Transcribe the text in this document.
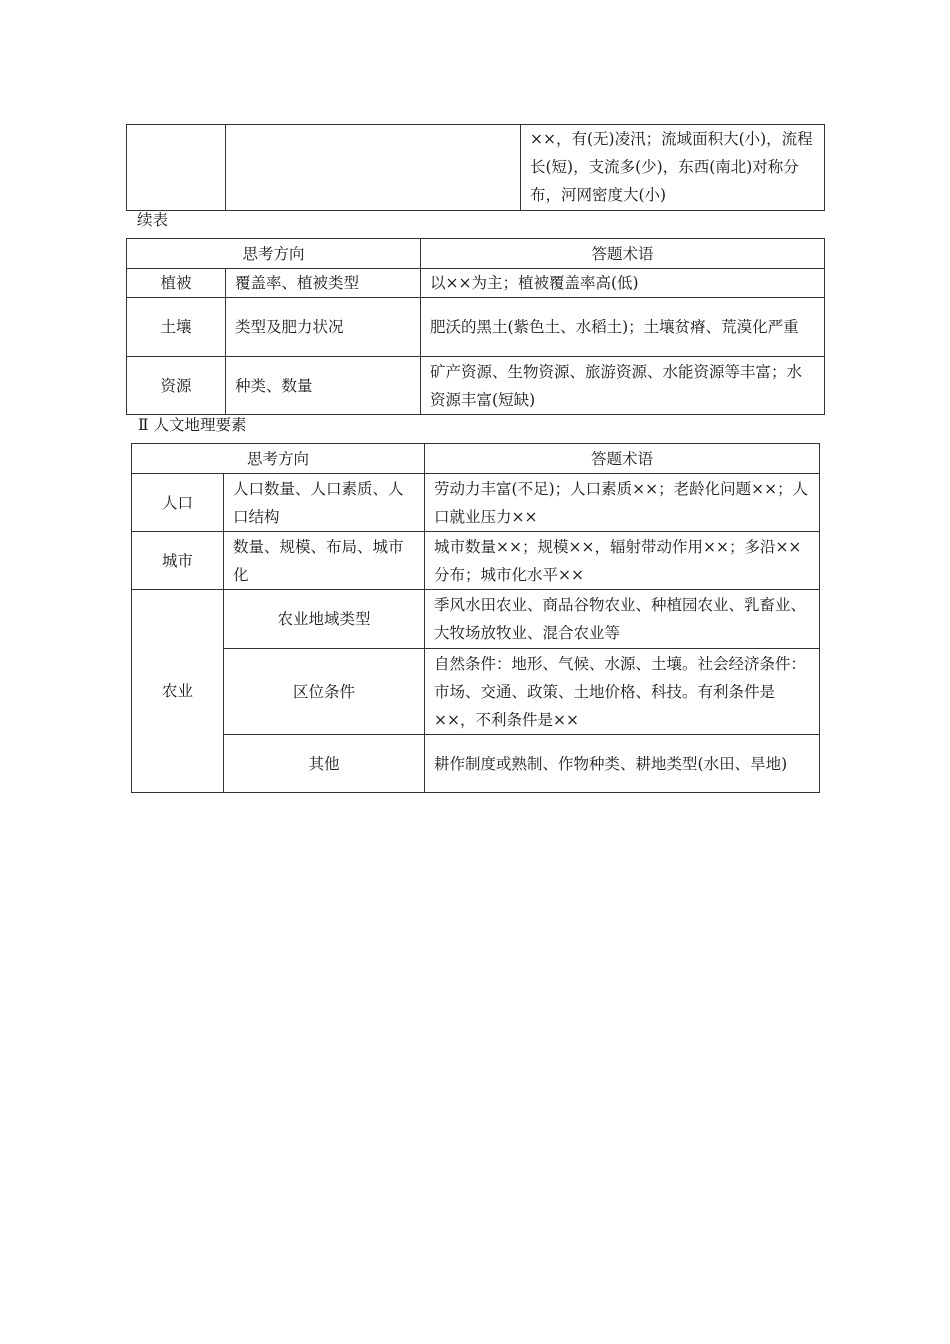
		××，有(无)凌汛；流域面积大(小)，流程长(短)，支流多(少)，东西(南北)对称分布，河网密度大(小)
续表
思考方向		答题术语
植被	覆盖率、植被类型	以××为主；植被覆盖率高(低)
土壤	类型及肥力状况	肥沃的黑土(紫色土、水稻土)；土壤贫瘠、荒漠化严重
资源	种类、数量	矿产资源、生物资源、旅游资源、水能资源等丰富；水资源丰富(短缺)
Ⅱ 人文地理要素
思考方向		答题术语
人口	人口数量、人口素质、人口结构	劳动力丰富(不足)；人口素质××；老龄化问题××；人口就业压力××
城市	数量、规模、布局、城市化	城市数量××；规模××，辐射带动作用××；多沿××分布；城市化水平××
农业	农业地域类型	季风水田农业、商品谷物农业、种植园农业、乳畜业、大牧场放牧业、混合农业等
	区位条件	自然条件：地形、气候、水源、土壤。社会经济条件：市场、交通、政策、土地价格、科技。有利条件是××，不利条件是××
	其他	耕作制度或熟制、作物种类、耕地类型(水田、旱地)
